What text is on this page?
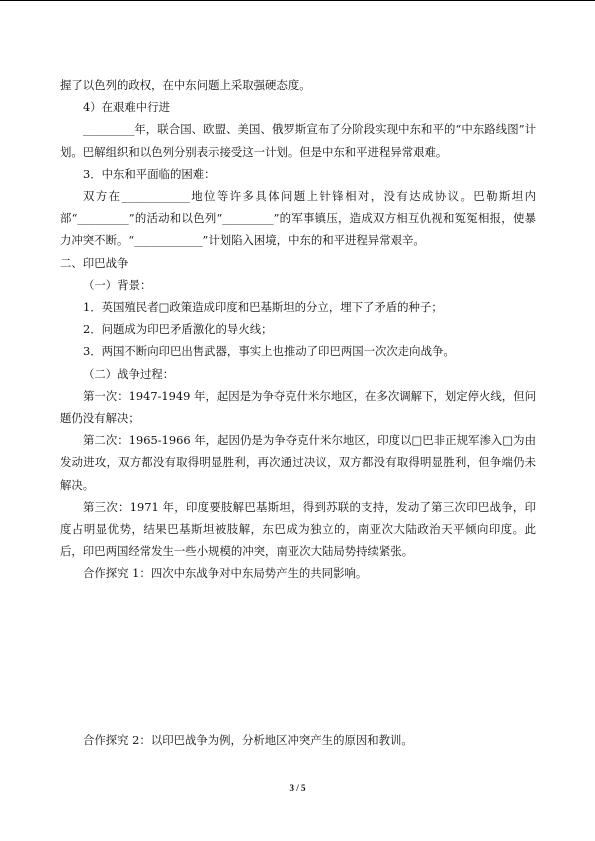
握了以色列的政权，在中东问题上采取强硬态度。

4）在艰难中行进

_________年，联合国、欧盟、美国、俄罗斯宣布了分阶段实现中东和平的“中东路线图”计划。巴解组织和以色列分别表示接受这一计划。但是中东和平进程异常艰难。

3．中东和平面临的困难：

双方在____________地位等许多具体问题上针锋相对，没有达成协议。巴勒斯坦内部“_________”的活动和以色列“_________”的军事镇压，造成双方相互仇视和冤冤相报，使暴力冲突不断。“____________”计划陷入困境，中东的和平进程异常艰辛。

二、印巴战争

（一）背景：

1．英国殖民者□政策造成印度和巴基斯坦的分立，埋下了矛盾的种子；

2．问题成为印巴矛盾激化的导火线；

3．两国不断向印巴出售武器，事实上也推动了印巴两国一次次走向战争。

（二）战争过程：

第一次：1947-1949 年，起因是为争夺克什米尔地区，在多次调解下，划定停火线，但问题仍没有解决；

第二次：1965-1966 年，起因仍是为争夺克什米尔地区，印度以□巴非正规军渗入□为由发动进攻，双方都没有取得明显胜利，再次通过决议，双方都没有取得明显胜利，但争端仍未解决。

第三次：1971 年，印度要肢解巴基斯坦，得到苏联的支持，发动了第三次印巴战争，印度占明显优势，结果巴基斯坦被肢解，东巴成为独立的，南亚次大陆政治天平倾向印度。此后，印巴两国经常发生一些小规模的冲突，南亚次大陆局势持续紧张。

合作探究 1：四次中东战争对中东局势产生的共同影响。

合作探究 2：以印巴战争为例，分析地区冲突产生的原因和教训。

3 / 5
